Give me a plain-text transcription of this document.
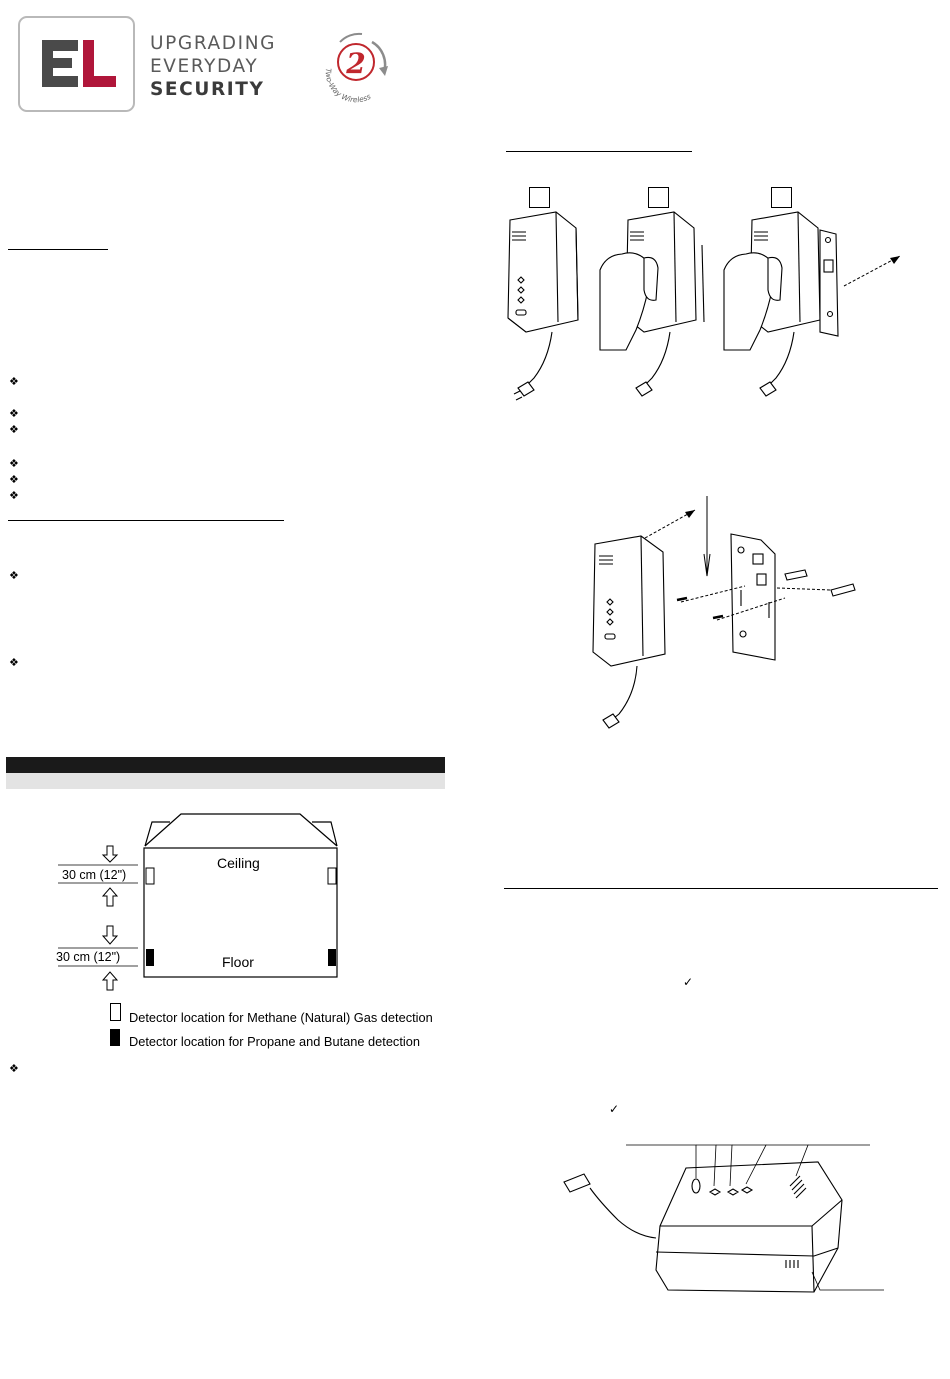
UPGRADING
EVERYDAY
SECURITY
2
Two-Way Wireless
❖
❖
❖
❖
❖
❖
❖
❖
Ceiling
Floor
30 cm (12")
30 cm (12")
Detector location for Methane (Natural) Gas detection
Detector location for Propane and Butane detection
❖
✓
✓
